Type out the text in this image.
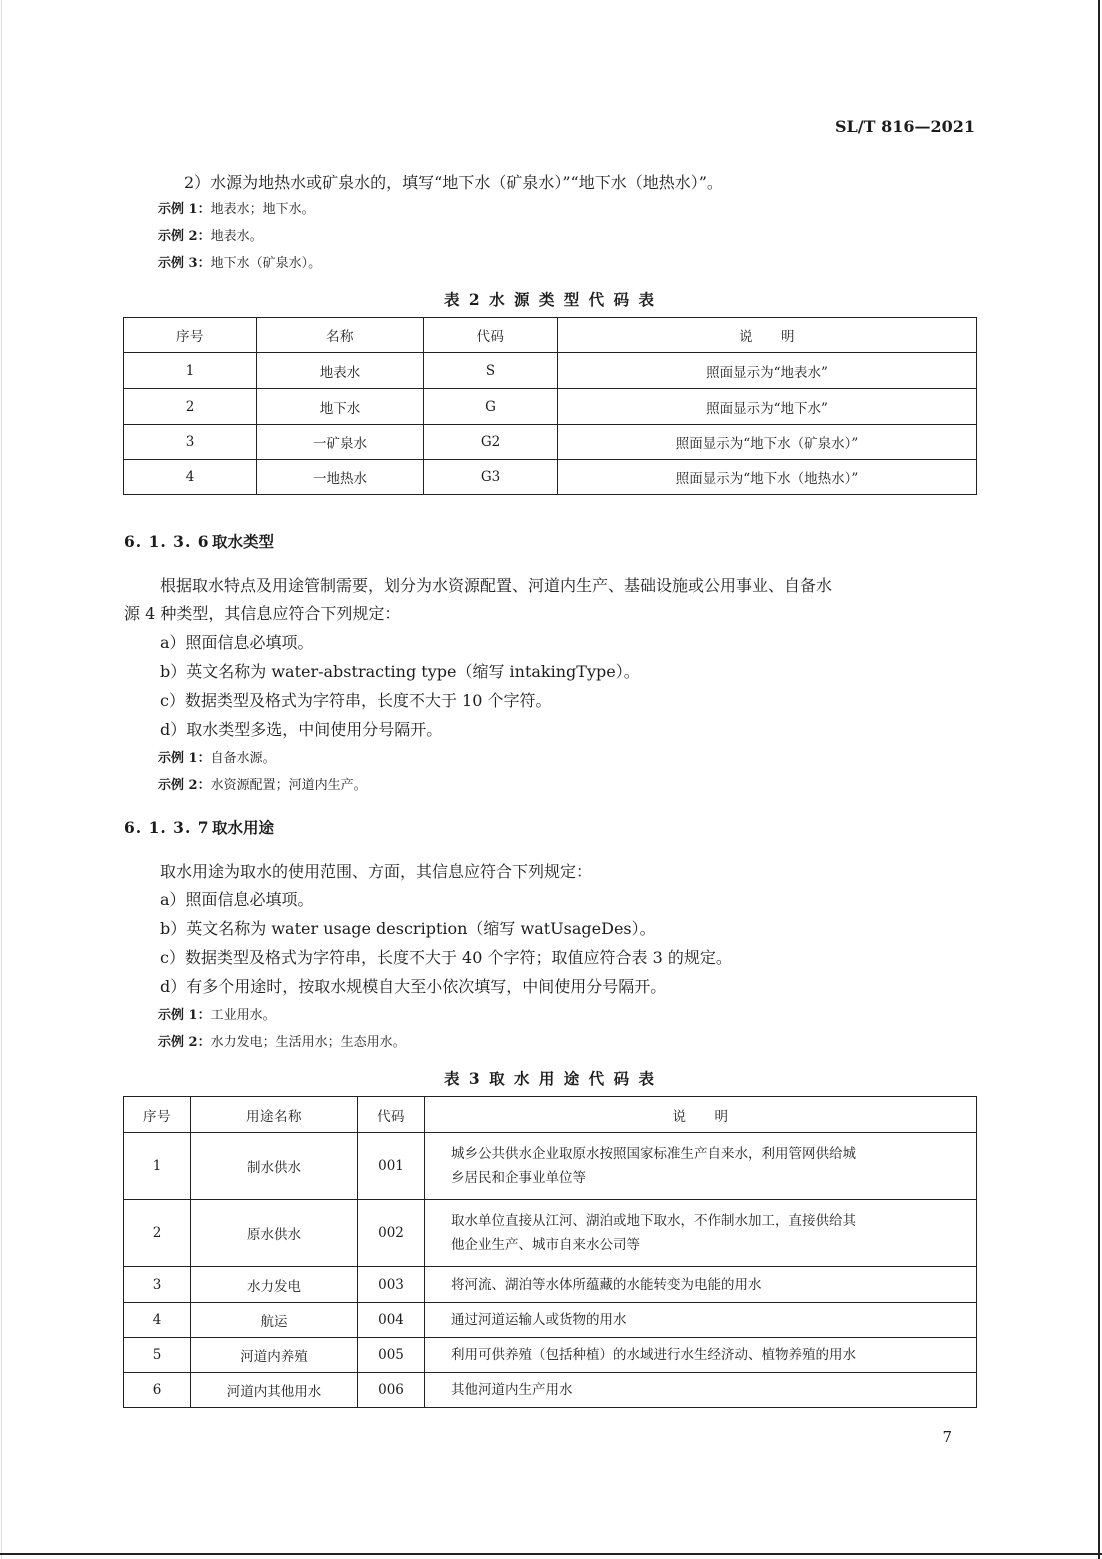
SL/T 816—2021
2）水源为地热水或矿泉水的，填写“地下水（矿泉水）”“地下水（地热水）”。
示例 1：地表水；地下水。
示例 2：地表水。
示例 3：地下水（矿泉水）。
表 2 水 源 类 型 代 码 表
序号	名称	代码	说　　明
1	地表水	S	照面显示为“地表水”
2	地下水	G	照面显示为“地下水”
3	一矿泉水	G2	照面显示为“地下水（矿泉水）”
4	一地热水	G3	照面显示为“地下水（地热水）”
6. 1. 3. 6 取水类型
根据取水特点及用途管制需要，划分为水资源配置、河道内生产、基础设施或公用事业、自备水
源 4 种类型，其信息应符合下列规定：
a）照面信息必填项。
b）英文名称为 water-abstracting type（缩写 intakingType）。
c）数据类型及格式为字符串，长度不大于 10 个字符。
d）取水类型多选，中间使用分号隔开。
示例 1：自备水源。
示例 2：水资源配置；河道内生产。
6. 1. 3. 7 取水用途
取水用途为取水的使用范围、方面，其信息应符合下列规定：
a）照面信息必填项。
b）英文名称为 water usage description（缩写 watUsageDes）。
c）数据类型及格式为字符串，长度不大于 40 个字符；取值应符合表 3 的规定。
d）有多个用途时，按取水规模自大至小依次填写，中间使用分号隔开。
示例 1：工业用水。
示例 2：水力发电；生活用水；生态用水。
表 3 取 水 用 途 代 码 表
序号	用途名称	代码	说　　明
1	制水供水	001	城乡公共供水企业取原水按照国家标准生产自来水，利用管网供给城
乡居民和企事业单位等
2	原水供水	002	取水单位直接从江河、湖泊或地下取水，不作制水加工，直接供给其
他企业生产、城市自来水公司等
3	水力发电	003	将河流、湖泊等水体所蕴藏的水能转变为电能的用水
4	航运	004	通过河道运输人或货物的用水
5	河道内养殖	005	利用可供养殖（包括种植）的水域进行水生经济动、植物养殖的用水
6	河道内其他用水	006	其他河道内生产用水
7
